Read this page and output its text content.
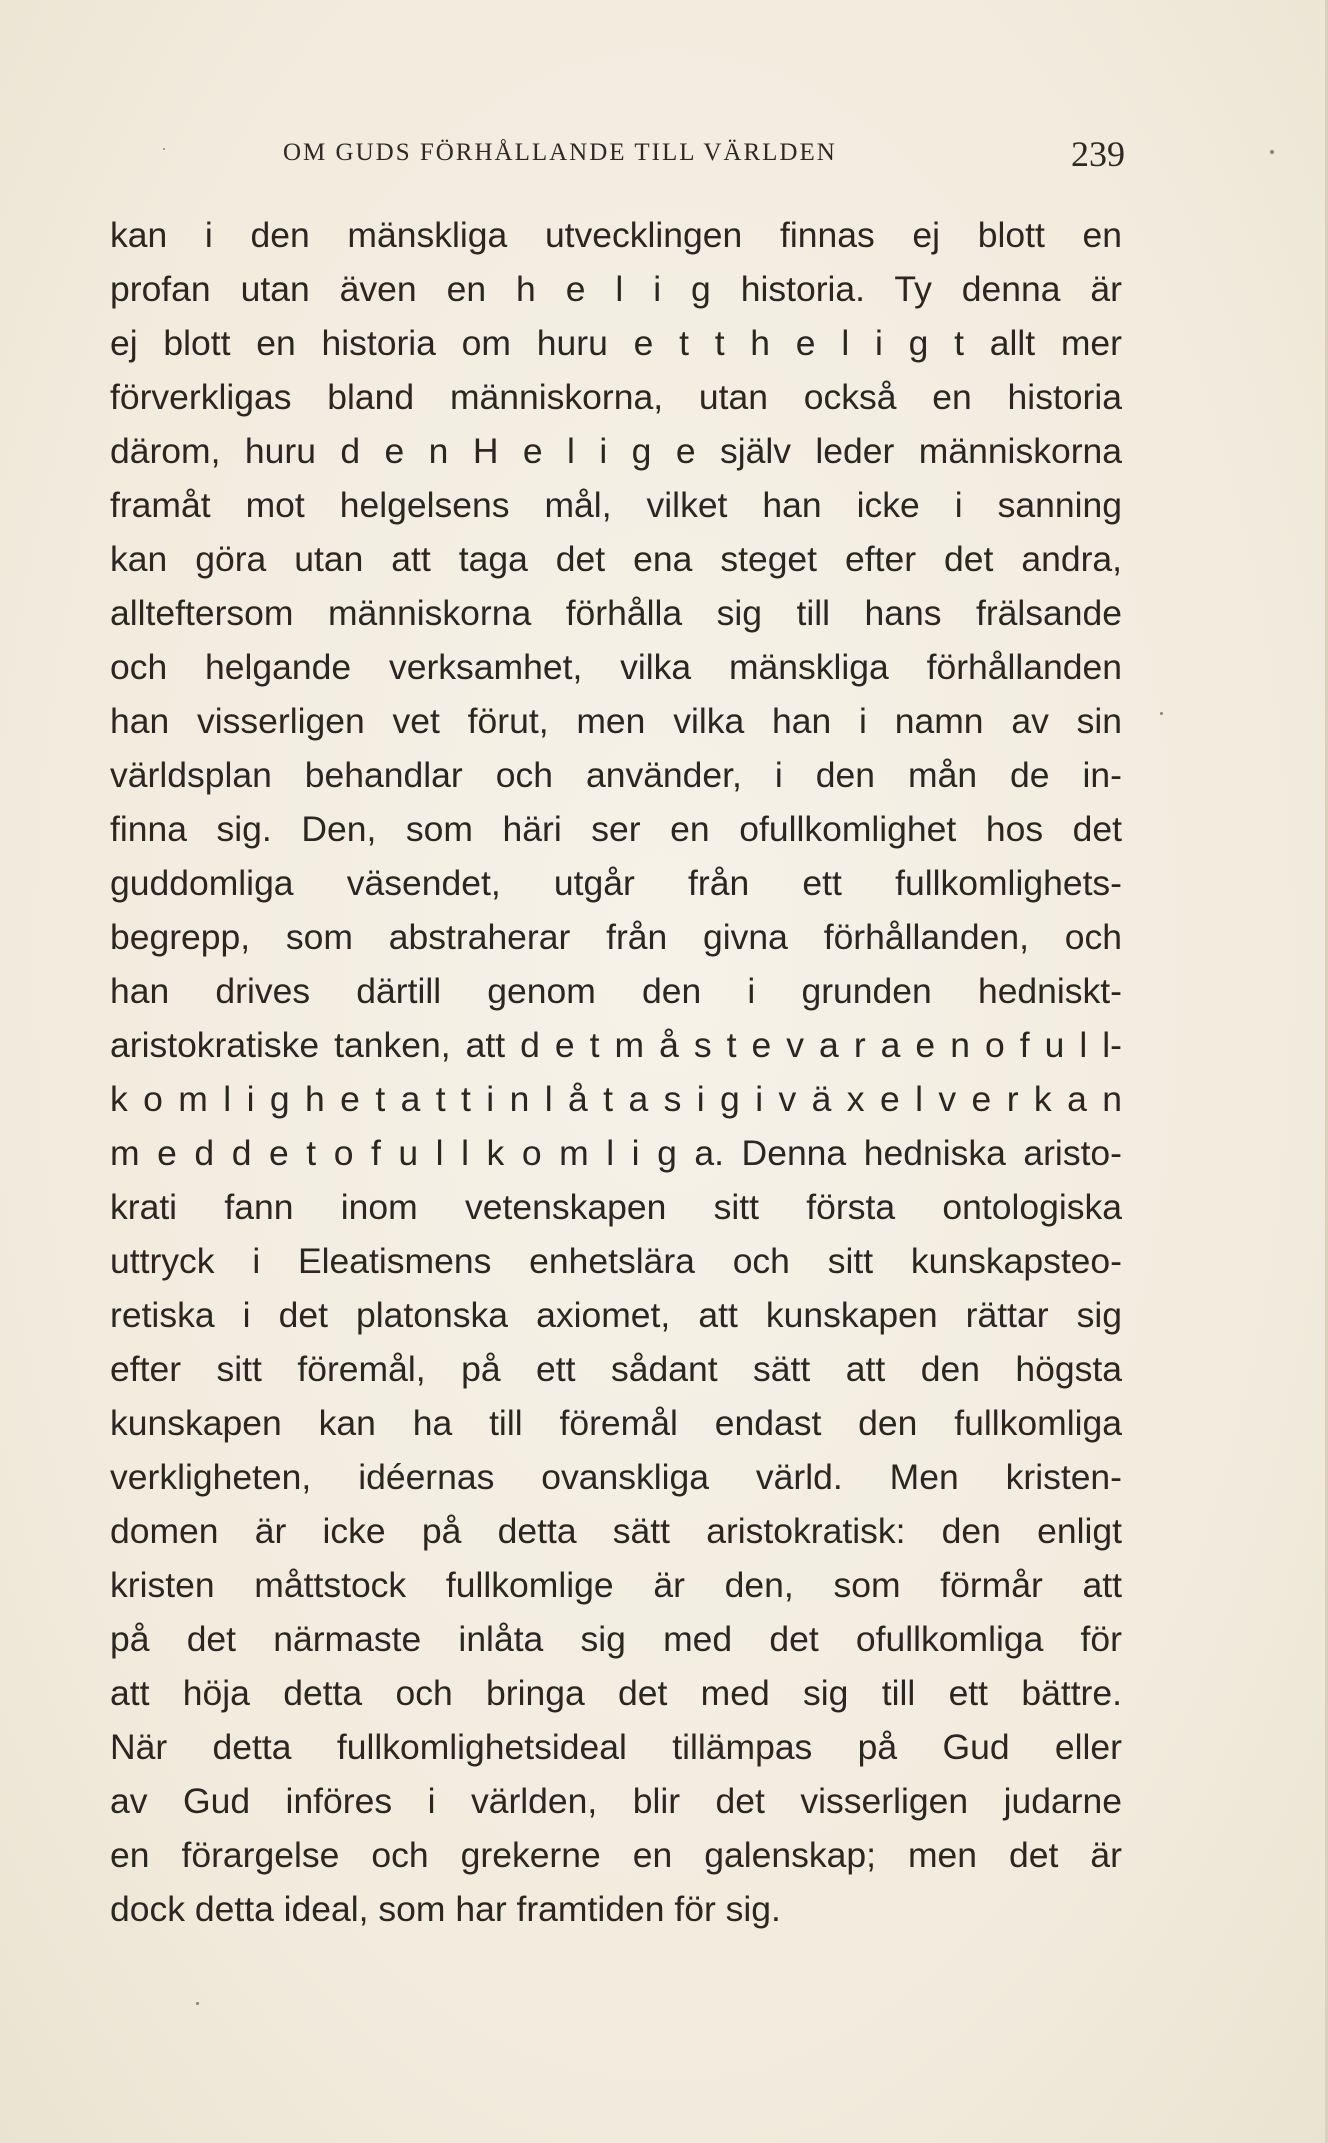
OM GUDS FÖRHÅLLANDE TILL VÄRLDEN	239
kan i den mänskliga utvecklingen finnas ej blott en
profan utan även en h e l i g historia. Ty denna är
ej blott en historia om huru e t t h e l i g t allt mer
förverkligas bland människorna, utan också en historia
därom, huru d e n H e l i g e själv leder människorna
framåt mot helgelsens mål, vilket han icke i sanning
kan göra utan att taga det ena steget efter det andra,
allteftersom människorna förhålla sig till hans frälsande
och helgande verksamhet, vilka mänskliga förhållanden
han visserligen vet förut, men vilka han i namn av sin
världsplan behandlar och använder, i den mån de in-
finna sig. Den, som häri ser en ofullkomlighet hos det
guddomliga väsendet, utgår från ett fullkomlighets-
begrepp, som abstraherar från givna förhållanden, och
han drives därtill genom den i grunden hedniskt-
aristokratiske tanken, att d e t m å s t e v a r a e n o f u l l-
k o m l i g h e t a t t i n l å t a s i g i v ä x e l v e r k a n
m e d d e t o f u l l k o m l i g a. Denna hedniska aristo-
krati fann inom vetenskapen sitt första ontologiska
uttryck i Eleatismens enhetslära och sitt kunskapsteo-
retiska i det platonska axiomet, att kunskapen rättar sig
efter sitt föremål, på ett sådant sätt att den högsta
kunskapen kan ha till föremål endast den fullkomliga
verkligheten, idéernas ovanskliga värld. Men kristen-
domen är icke på detta sätt aristokratisk: den enligt
kristen måttstock fullkomlige är den, som förmår att
på det närmaste inlåta sig med det ofullkomliga för
att höja detta och bringa det med sig till ett bättre.
När detta fullkomlighetsideal tillämpas på Gud eller
av Gud införes i världen, blir det visserligen judarne
en förargelse och grekerne en galenskap; men det är
dock detta ideal, som har framtiden för sig.
